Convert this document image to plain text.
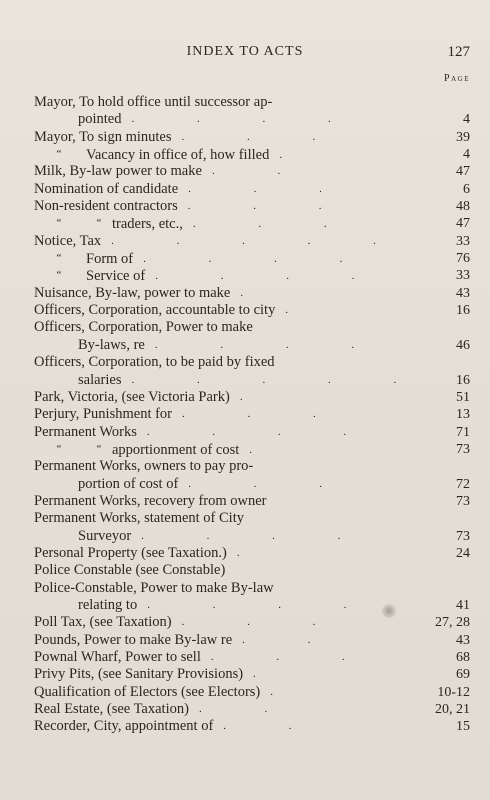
INDEX TO ACTS	127
Page
Mayor, To hold office until successor ap-
pointed . . . .	4
Mayor, To sign minutes . . .	39
“ Vacancy in office of, how filled .	4
Milk, By-law power to make . .	47
Nomination of candidate . . .	6
Non-resident contractors . . .	48
“	“ traders, etc., . . .	47
Notice, Tax . . . . .	33
“ Form of . . . .	76
“ Service of . . . .	33
Nuisance, By-law, power to make .	43
Officers, Corporation, accountable to city .	16
Officers, Corporation, Power to make
By-laws, re . . . .	46
Officers, Corporation, to be paid by fixed
salaries . . . . .	16
Park, Victoria, (see Victoria Park) .	51
Perjury, Punishment for . . .	13
Permanent Works . . . .	71
“	“ apportionment of cost .	73
Permanent Works, owners to pay pro-
portion of cost of . . .	72
Permanent Works, recovery from owner	73
Permanent Works, statement of City
Surveyor . . . .	73
Personal Property (see Taxation.) .	24
Police Constable (see Constable)
Police-Constable, Power to make By-law
relating to . . . .	41
Poll Tax, (see Taxation) . . .	27, 28
Pounds, Power to make By-law re . .	43
Pownal Wharf, Power to sell . . .	68
Privy Pits, (see Sanitary Provisions) .	69
Qualification of Electors (see Electors) .	10-12
Real Estate, (see Taxation) . .	20, 21
Recorder, City, appointment of . .	15
